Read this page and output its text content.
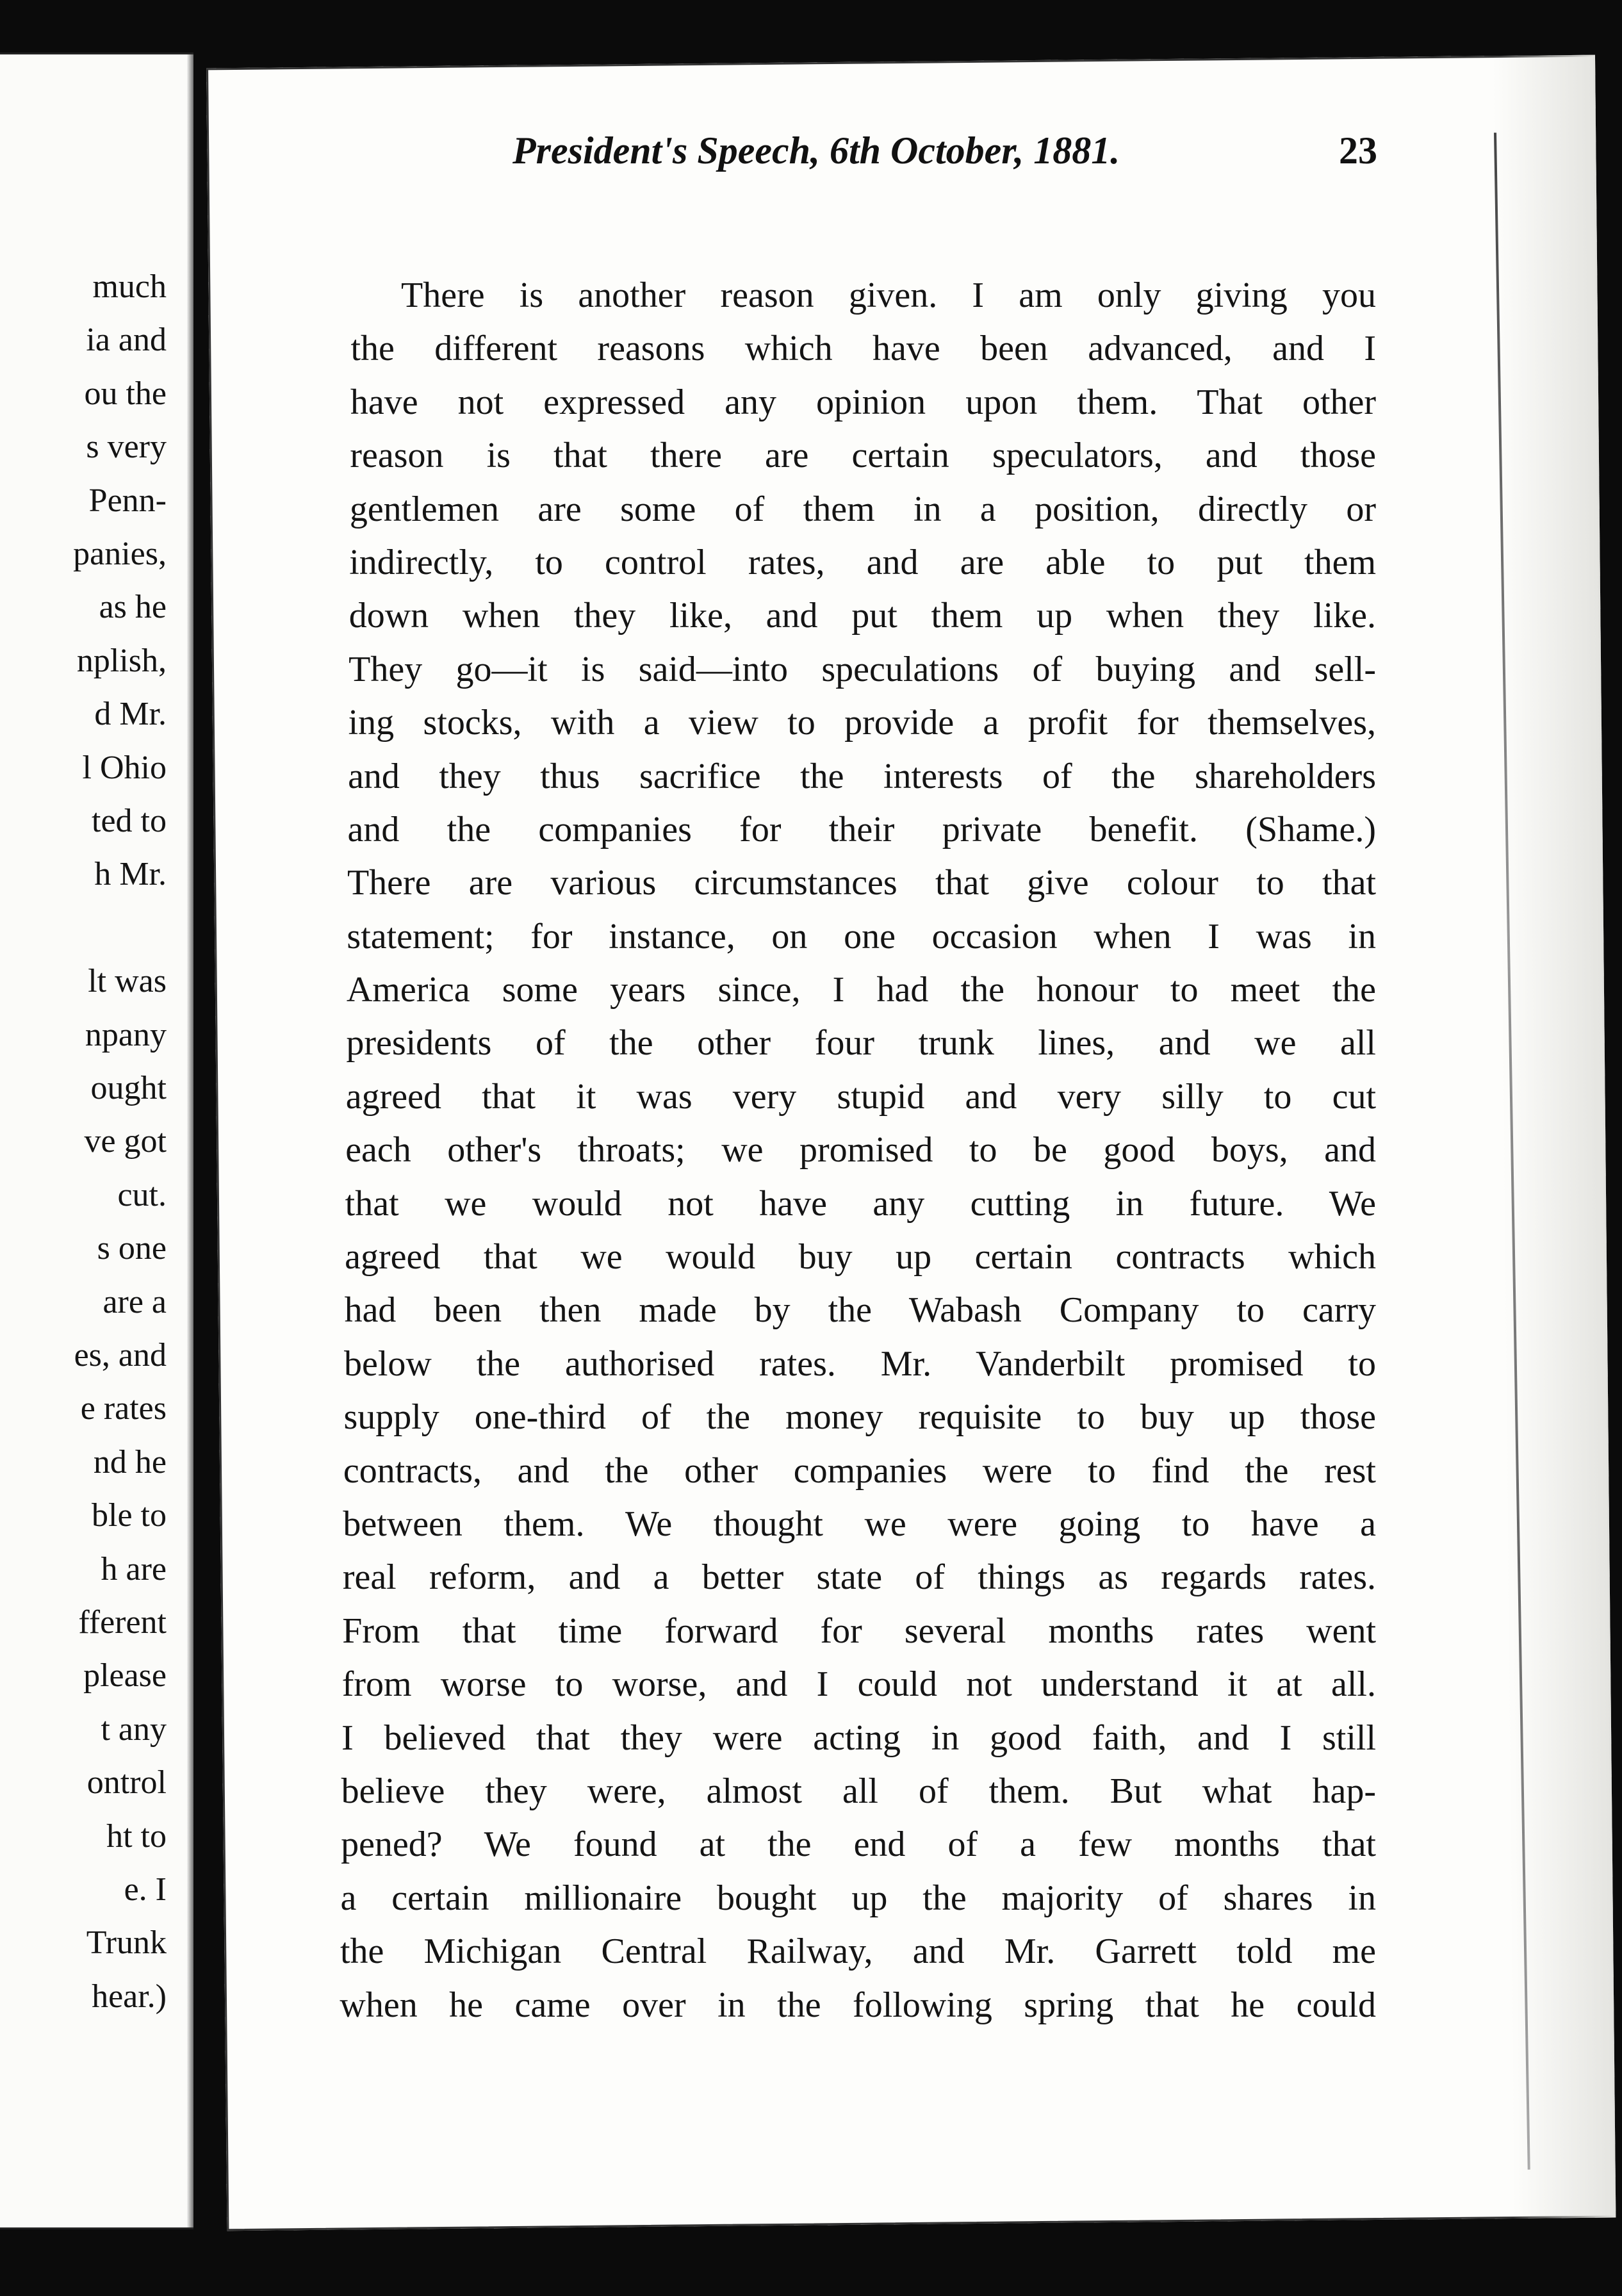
much
ia and
ou the
s very
Penn-
panies,
as he
nplish,
d Mr.
l Ohio
ted to
h Mr.
lt was
npany
ought
ve got
cut.
s one
are a
es, and
e rates
nd he
ble to
h are
fferent
please
t any
ontrol
ht to
e. I
Trunk
hear.)
President's Speech, 6th October, 1881.	23
There is another reason given. I am only giving you
the different reasons which have been advanced, and I
have not expressed any opinion upon them. That other
reason is that there are certain speculators, and those
gentlemen are some of them in a position, directly or
indirectly, to control rates, and are able to put them
down when they like, and put them up when they like.
They go—it is said—into speculations of buying and sell-
ing stocks, with a view to provide a profit for themselves,
and they thus sacrifice the interests of the shareholders
and the companies for their private benefit. (Shame.)
There are various circumstances that give colour to that
statement; for instance, on one occasion when I was in
America some years since, I had the honour to meet the
presidents of the other four trunk lines, and we all
agreed that it was very stupid and very silly to cut
each other's throats; we promised to be good boys, and
that we would not have any cutting in future. We
agreed that we would buy up certain contracts which
had been then made by the Wabash Company to carry
below the authorised rates. Mr. Vanderbilt promised to
supply one-third of the money requisite to buy up those
contracts, and the other companies were to find the rest
between them. We thought we were going to have a
real reform, and a better state of things as regards rates.
From that time forward for several months rates went
from worse to worse, and I could not understand it at all.
I believed that they were acting in good faith, and I still
believe they were, almost all of them. But what hap-
pened? We found at the end of a few months that
a certain millionaire bought up the majority of shares in
the Michigan Central Railway, and Mr. Garrett told me
when he came over in the following spring that he could
